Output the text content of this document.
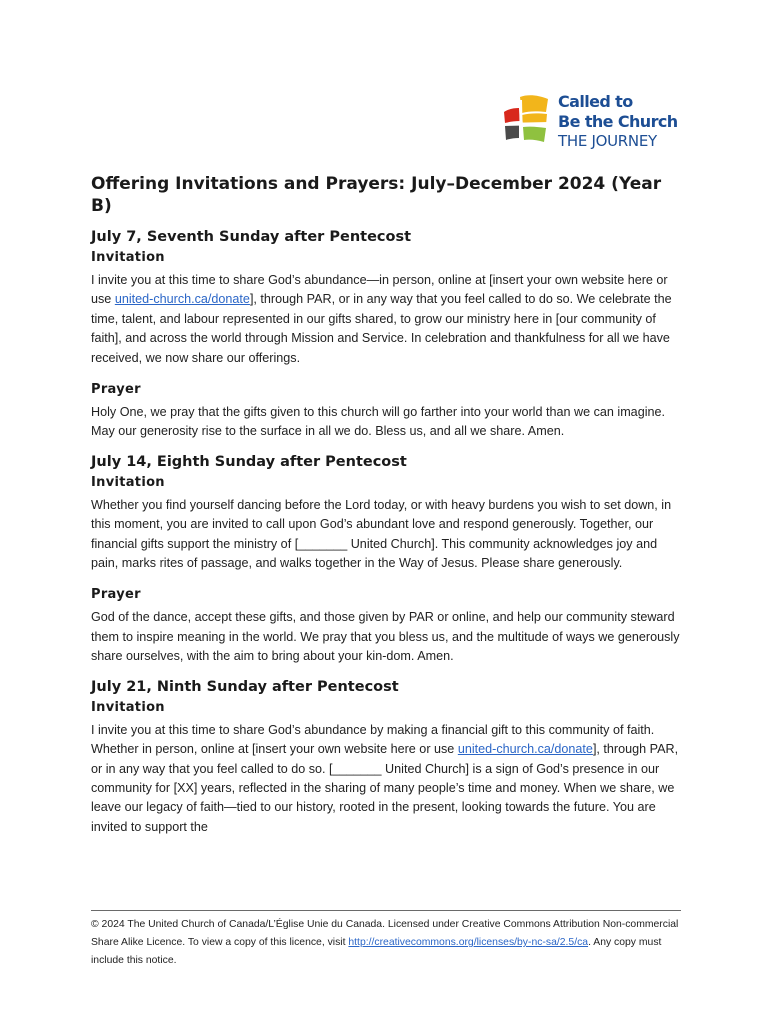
Called to
Be the Church
THE JOURNEY
Offering Invitations and Prayers: July–December 2024 (Year B)
July 7, Seventh Sunday after Pentecost
Invitation

I invite you at this time to share God’s abundance—in person, online at [insert your own website here or use united-church.ca/donate], through PAR, or in any way that you feel called to do so. We celebrate the time, talent, and labour represented in our gifts shared, to grow our ministry here in [our community of faith], and across the world through Mission and Service. In celebration and thankfulness for all we have received, we now share our offerings.

Prayer

Holy One, we pray that the gifts given to this church will go farther into your world than we can imagine. May our generosity rise to the surface in all we do. Bless us, and all we share. Amen.

July 14, Eighth Sunday after Pentecost
Invitation

Whether you find yourself dancing before the Lord today, or with heavy burdens you wish to set down, in this moment, you are invited to call upon God’s abundant love and respond generously. Together, our financial gifts support the ministry of [_______ United Church]. This community acknowledges joy and pain, marks rites of passage, and walks together in the Way of Jesus. Please share generously.

Prayer

God of the dance, accept these gifts, and those given by PAR or online, and help our community steward them to inspire meaning in the world. We pray that you bless us, and the multitude of ways we generously share ourselves, with the aim to bring about your kin-dom. Amen.

July 21, Ninth Sunday after Pentecost
Invitation

I invite you at this time to share God’s abundance by making a financial gift to this community of faith. Whether in person, online at [insert your own website here or use united-church.ca/donate], through PAR, or in any way that you feel called to do so. [_______ United Church] is a sign of God’s presence in our community for [XX] years, reflected in the sharing of many people’s time and money. When we share, we leave our legacy of faith—tied to our history, rooted in the present, looking towards the future. You are invited to support the

© 2024 The United Church of Canada/L’Église Unie du Canada. Licensed under Creative Commons Attribution Non-commercial Share Alike Licence. To view a copy of this licence, visit http://creativecommons.org/licenses/by-nc-sa/2.5/ca. Any copy must include this notice.
